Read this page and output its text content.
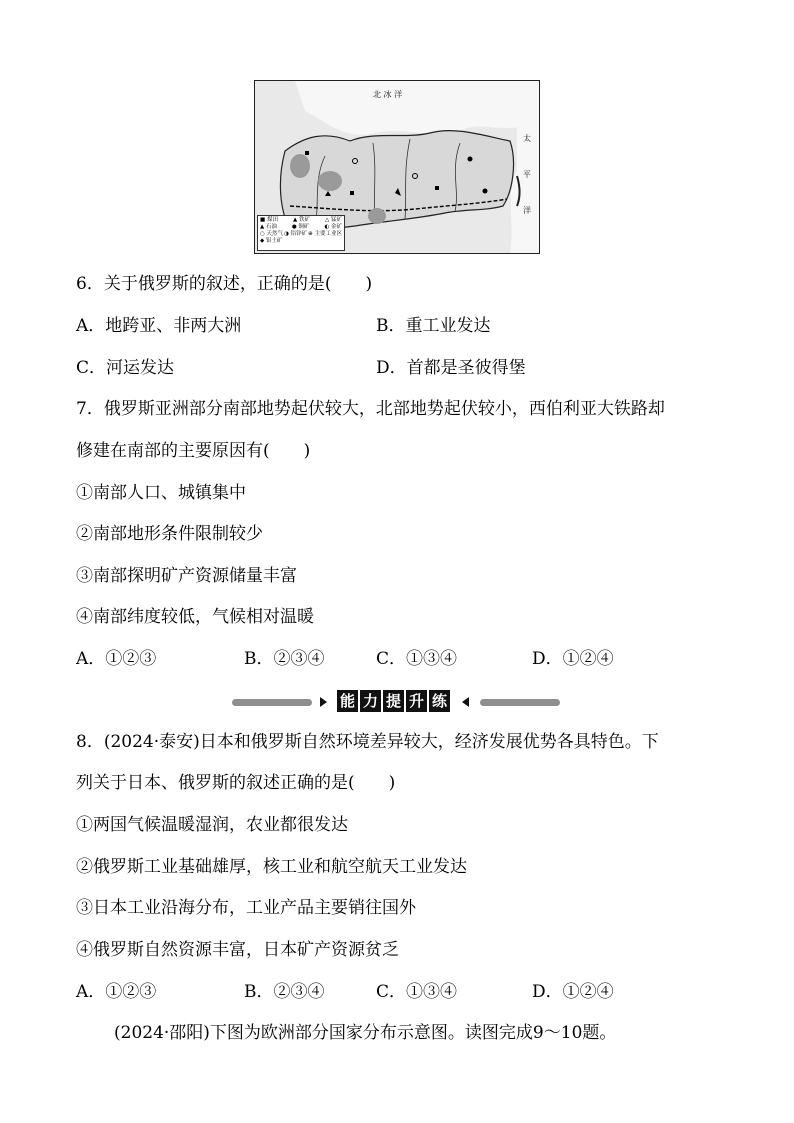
北 冰 洋
太
平
洋
■ 煤田	▲ 铁矿	△ 锰矿
▲ 石油	● 铜矿	◐ 金矿
○ 天然气 ◑ 铅锌矿 ⊕ 主要工业区
◆ 铝土矿
6．关于俄罗斯的叙述，正确的是(　　)
A．地跨亚、非两大洲	B．重工业发达
C．河运发达	D．首都是圣彼得堡
7．俄罗斯亚洲部分南部地势起伏较大，北部地势起伏较小，西伯利亚大铁路却
修建在南部的主要原因有(　　)
①南部人口、城镇集中
②南部地形条件限制较少
③南部探明矿产资源储量丰富
④南部纬度较低，气候相对温暖
A．①②③	B．②③④	C．①③④	D．①②④
能 力 提 升 练
8．(2024·泰安)日本和俄罗斯自然环境差异较大，经济发展优势各具特色。下
列关于日本、俄罗斯的叙述正确的是(　　)
①两国气候温暖湿润，农业都很发达
②俄罗斯工业基础雄厚，核工业和航空航天工业发达
③日本工业沿海分布，工业产品主要销往国外
④俄罗斯自然资源丰富，日本矿产资源贫乏
A．①②③	B．②③④	C．①③④	D．①②④
(2024·邵阳)下图为欧洲部分国家分布示意图。读图完成9～10题。
